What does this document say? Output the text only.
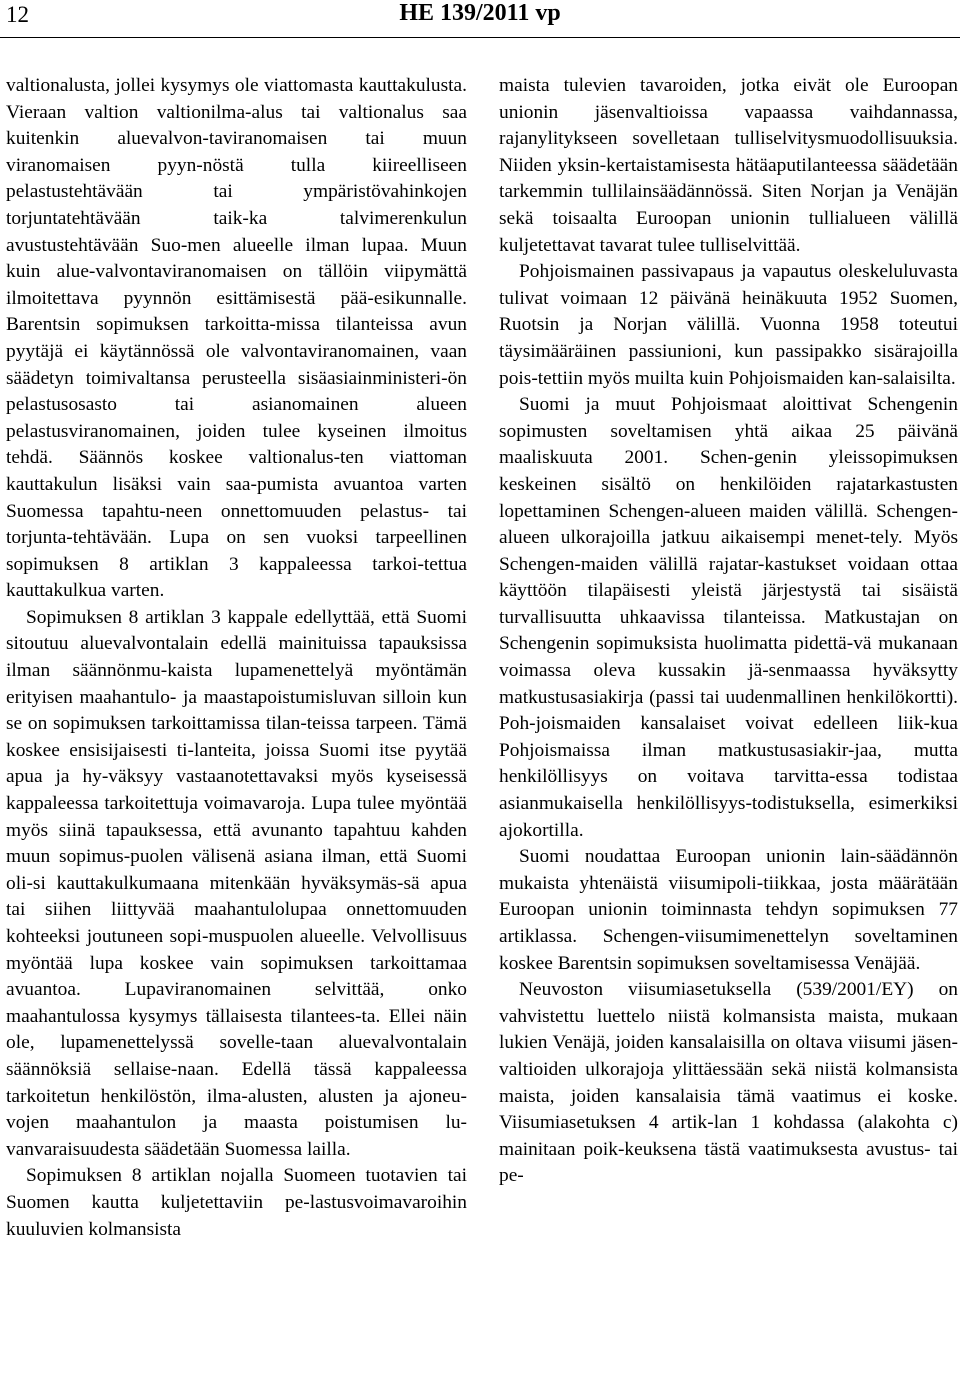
12	HE 139/2011 vp

valtionalusta, jollei kysymys ole viattomasta kauttakulusta. Vieraan valtion valtionilma-alus tai valtionalus saa kuitenkin aluevalvon-taviranomaisen tai muun viranomaisen pyyn-nöstä tulla kiireelliseen pelastustehtävään tai ympäristövahinkojen torjuntatehtävään taik-ka talvimerenkulun avustustehtävään Suo-men alueelle ilman lupaa. Muun kuin alue-valvontaviranomaisen on tällöin viipymättä ilmoitettava pyynnön esittämisestä pää-esikunnalle. Barentsin sopimuksen tarkoitta-missa tilanteissa avun pyytäjä ei käytännössä ole valvontaviranomainen, vaan säädetyn toimivaltansa perusteella sisäasiainministeri-ön pelastusosasto tai asianomainen alueen pelastusviranomainen, joiden tulee kyseinen ilmoitus tehdä. Säännös koskee valtionalus-ten viattoman kauttakulun lisäksi vain saa-pumista avuantoa varten Suomessa tapahtu-neen onnettomuuden pelastus- tai torjunta-tehtävään. Lupa on sen vuoksi tarpeellinen sopimuksen 8 artiklan 3 kappaleessa tarkoi-tettua kauttakulkua varten.

Sopimuksen 8 artiklan 3 kappale edellyttää, että Suomi sitoutuu aluevalvontalain edellä mainituissa tapauksissa ilman säännönmu-kaista lupamenettelyä myöntämän erityisen maahantulo- ja maastapoistumisluvan silloin kun se on sopimuksen tarkoittamissa tilan-teissa tarpeen. Tämä koskee ensisijaisesti ti-lanteita, joissa Suomi itse pyytää apua ja hy-väksyy vastaanotettavaksi myös kyseisessä kappaleessa tarkoitettuja voimavaroja. Lupa tulee myöntää myös siinä tapauksessa, että avunanto tapahtuu kahden muun sopimus-puolen välisenä asiana ilman, että Suomi oli-si kauttakulkumaana mitenkään hyväksymäs-sä apua tai siihen liittyvää maahantulolupaa onnettomuuden kohteeksi joutuneen sopi-muspuolen alueelle. Velvollisuus myöntää lupa koskee vain sopimuksen tarkoittamaa avuantoa. Lupaviranomainen selvittää, onko maahantulossa kysymys tällaisesta tilantees-ta. Ellei näin ole, lupamenettelyssä sovelle-taan aluevalvontalain säännöksiä sellaise-naan. Edellä tässä kappaleessa tarkoitetun henkilöstön, ilma-alusten, alusten ja ajoneu-vojen maahantulon ja maasta poistumisen lu-vanvaraisuudesta säädetään Suomessa lailla.

Sopimuksen 8 artiklan nojalla Suomeen tuotavien tai Suomen kautta kuljetettaviin pe-lastusvoimavaroihin kuuluvien kolmansista

maista tulevien tavaroiden, jotka eivät ole Euroopan unionin jäsenvaltioissa vapaassa vaihdannassa, rajanylitykseen sovelletaan tulliselvitysmuodollisuuksia. Niiden yksin-kertaistamisesta hätäaputilanteessa säädetään tarkemmin tullilainsäädännössä. Siten Norjan ja Venäjän sekä toisaalta Euroopan unionin tullialueen välillä kuljetettavat tavarat tulee tulliselvittää.

Pohjoismainen passivapaus ja vapautus oleskeluluvasta tulivat voimaan 12 päivänä heinäkuuta 1952 Suomen, Ruotsin ja Norjan välillä. Vuonna 1958 toteutui täysimääräinen passiunioni, kun passipakko sisärajoilla pois-tettiin myös muilta kuin Pohjoismaiden kan-salaisilta.

Suomi ja muut Pohjoismaat aloittivat Schengenin sopimusten soveltamisen yhtä aikaa 25 päivänä maaliskuuta 2001. Schen-genin yleissopimuksen keskeinen sisältö on henkilöiden rajatarkastusten lopettaminen Schengen-alueen maiden välillä. Schengen-alueen ulkorajoilla jatkuu aikaisempi menet-tely. Myös Schengen-maiden välillä rajatar-kastukset voidaan ottaa käyttöön tilapäisesti yleistä järjestystä tai sisäistä turvallisuutta uhkaavissa tilanteissa. Matkustajan on Schengenin sopimuksista huolimatta pidettä-vä mukanaan voimassa oleva kussakin jä-senmaassa hyväksytty matkustusasiakirja (passi tai uudenmallinen henkilökortti). Poh-joismaiden kansalaiset voivat edelleen liik-kua Pohjoismaissa ilman matkustusasiakir-jaa, mutta henkilöllisyys on voitava tarvitta-essa todistaa asianmukaisella henkilöllisyys-todistuksella, esimerkiksi ajokortilla.

Suomi noudattaa Euroopan unionin lain-säädännön mukaista yhtenäistä viisumipoli-tiikkaa, josta määrätään Euroopan unionin toiminnasta tehdyn sopimuksen 77 artiklassa. Schengen-viisumimenettelyn soveltaminen koskee Barentsin sopimuksen soveltamisessa Venäjää.

Neuvoston viisumiasetuksella (539/2001/EY) on vahvistettu luettelo niistä kolmansista maista, mukaan lukien Venäjä, joiden kansalaisilla on oltava viisumi jäsen-valtioiden ulkorajoja ylittäessään sekä niistä kolmansista maista, joiden kansalaisia tämä vaatimus ei koske. Viisumiasetuksen 4 artik-lan 1 kohdassa (alakohta c) mainitaan poik-keuksena tästä vaatimuksesta avustus- tai pe-
